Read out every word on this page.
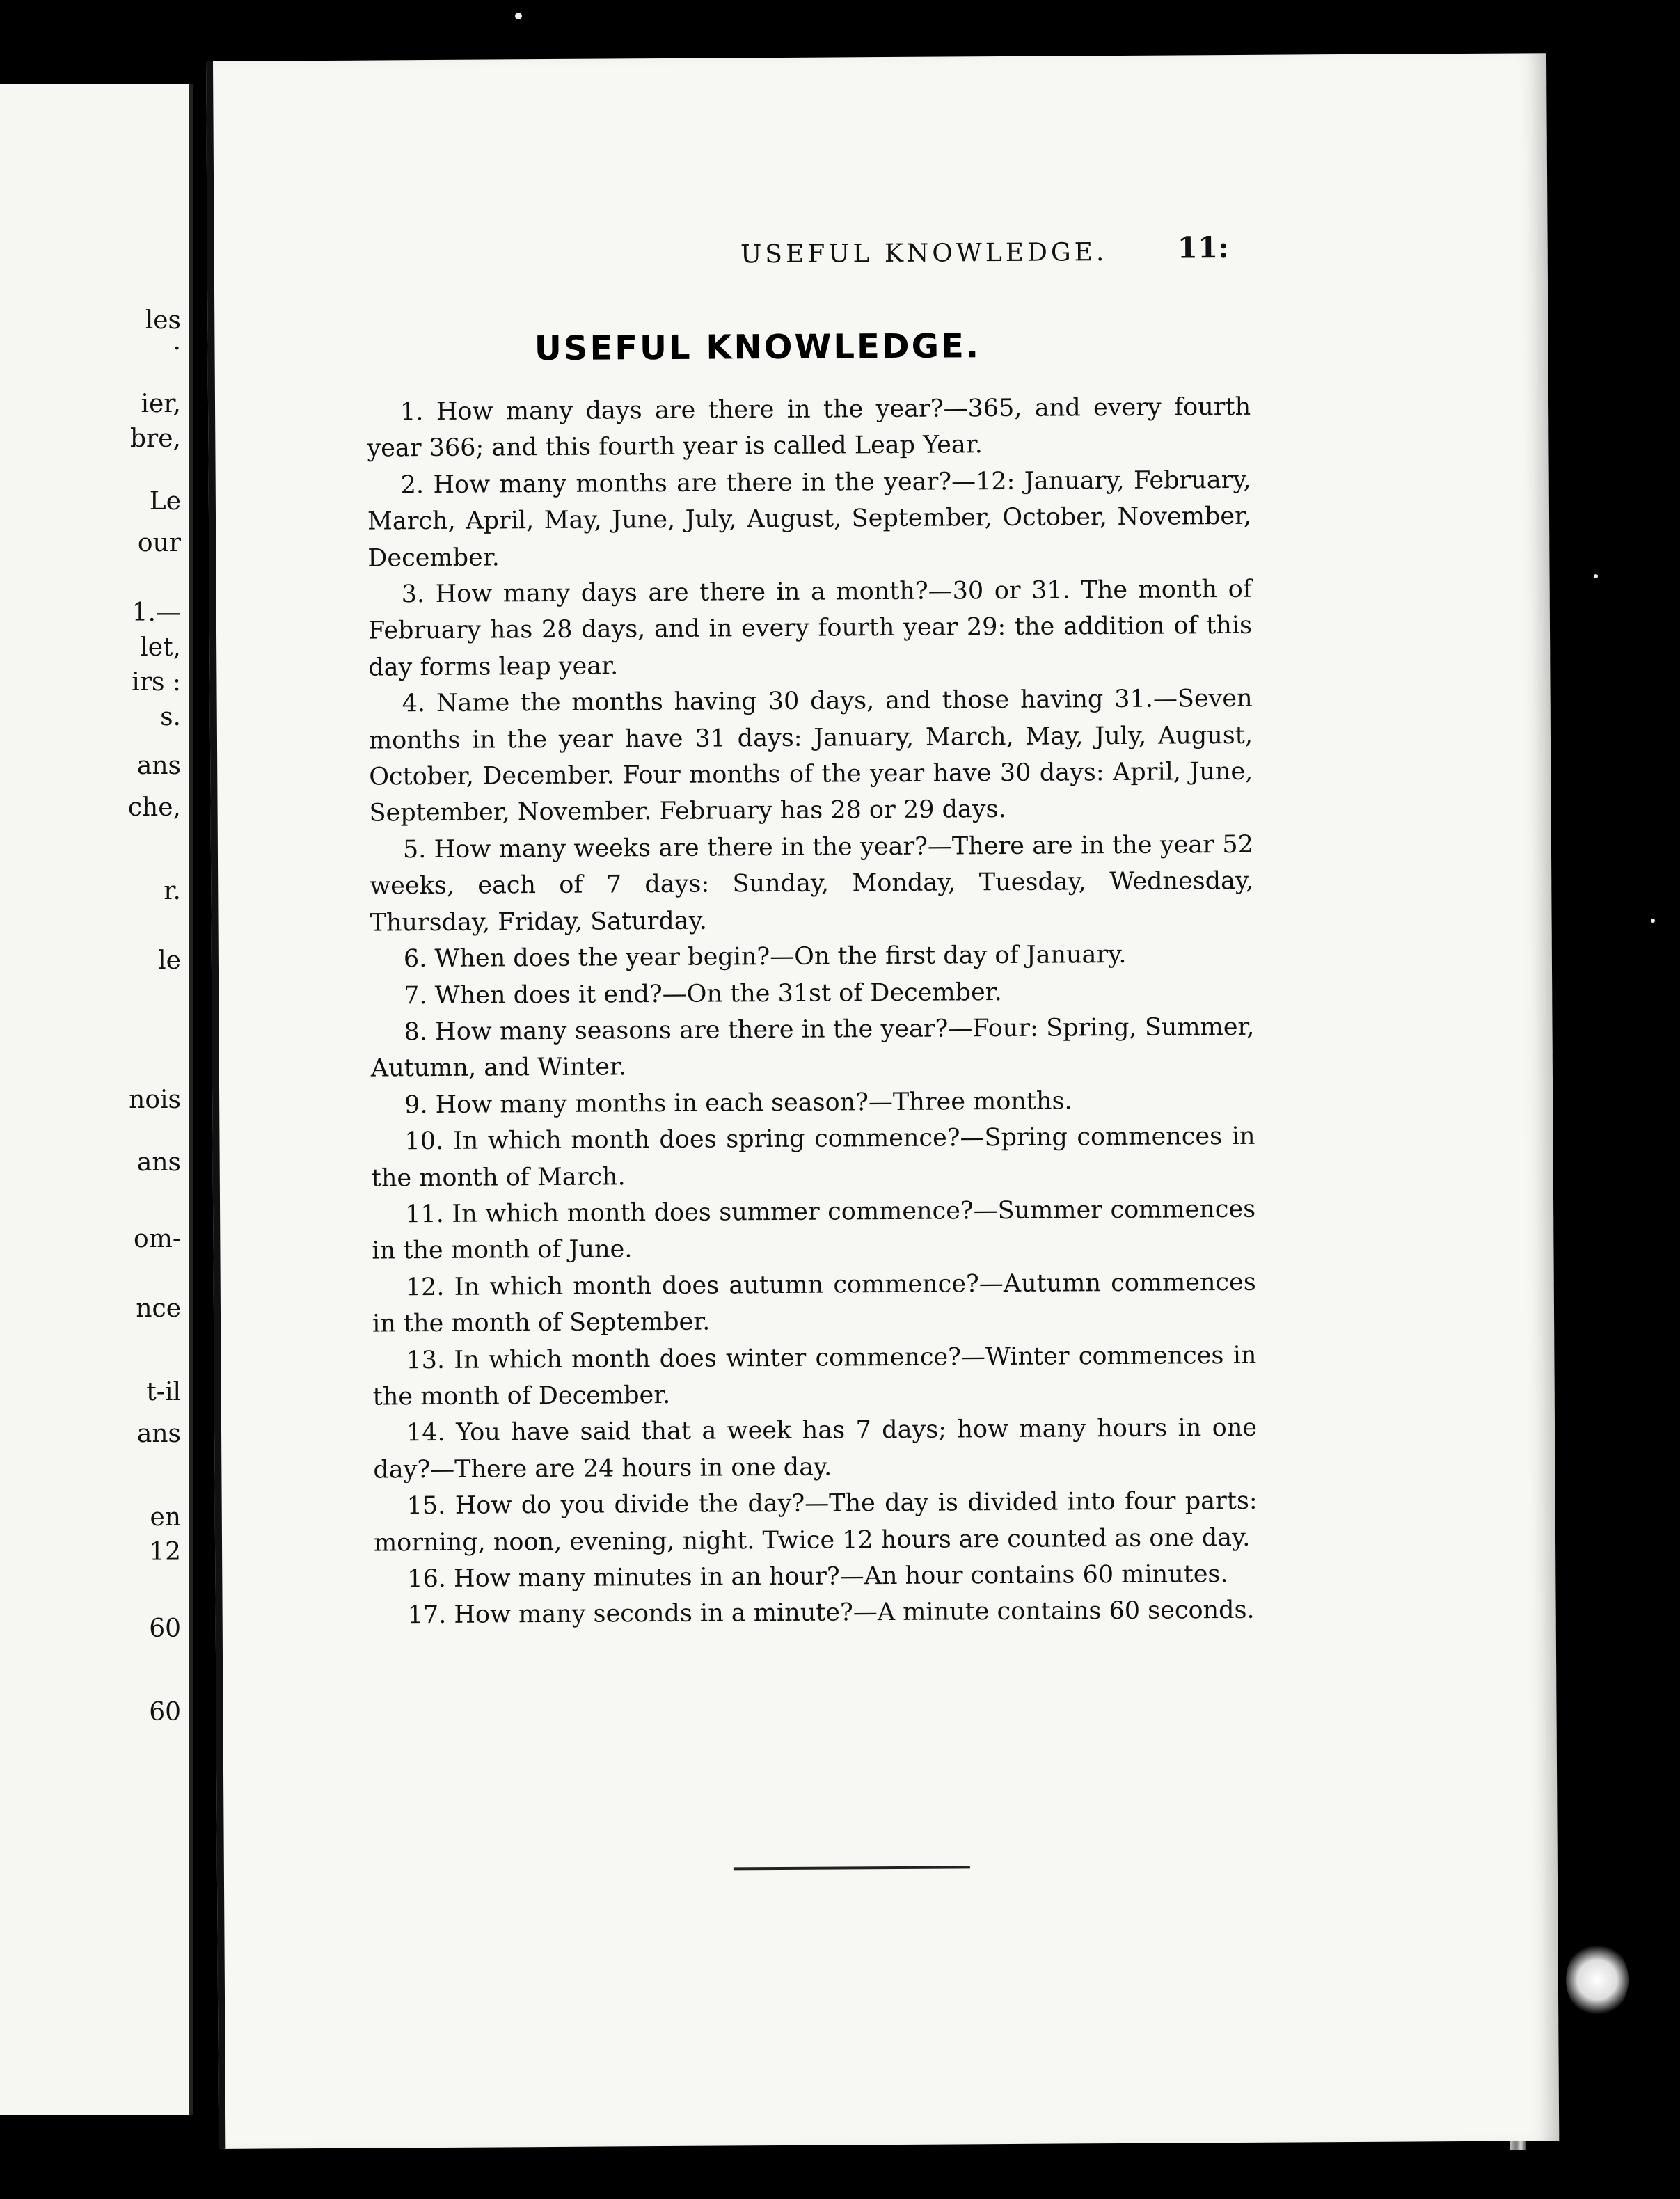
les
.
ier,
bre,
Le
our
1.—
let,
irs :
s.
ans
che,
r.
le
nois
ans
om-
nce
t-il
ans
en
12
60
60
USEFUL KNOWLEDGE.	11:
USEFUL KNOWLEDGE.
1. How many days are there in the year?—365, and every fourth year 366; and this fourth year is called Leap Year.
2. How many months are there in the year?—12: January, February, March, April, May, June, July, August, September, October, November, December.
3. How many days are there in a month?—30 or 31. The month of February has 28 days, and in every fourth year 29: the addition of this day forms leap year.
4. Name the months having 30 days, and those having 31.—Seven months in the year have 31 days: January, March, May, July, August, October, December. Four months of the year have 30 days: April, June, September, November. February has 28 or 29 days.
5. How many weeks are there in the year?—There are in the year 52 weeks, each of 7 days: Sunday, Monday, Tuesday, Wednesday, Thursday, Friday, Saturday.
6. When does the year begin?—On the first day of January.
7. When does it end?—On the 31st of December.
8. How many seasons are there in the year?—Four: Spring, Summer, Autumn, and Winter.
9. How many months in each season?—Three months.
10. In which month does spring commence?—Spring commences in the month of March.
11. In which month does summer commence?—Summer commences in the month of June.
12. In which month does autumn commence?—Autumn commences in the month of September.
13. In which month does winter commence?—Winter commences in the month of December.
14. You have said that a week has 7 days; how many hours in one day?—There are 24 hours in one day.
15. How do you divide the day?—The day is divided into four parts: morning, noon, evening, night. Twice 12 hours are counted as one day.
16. How many minutes in an hour?—An hour contains 60 minutes.
17. How many seconds in a minute?—A minute contains 60 seconds.
